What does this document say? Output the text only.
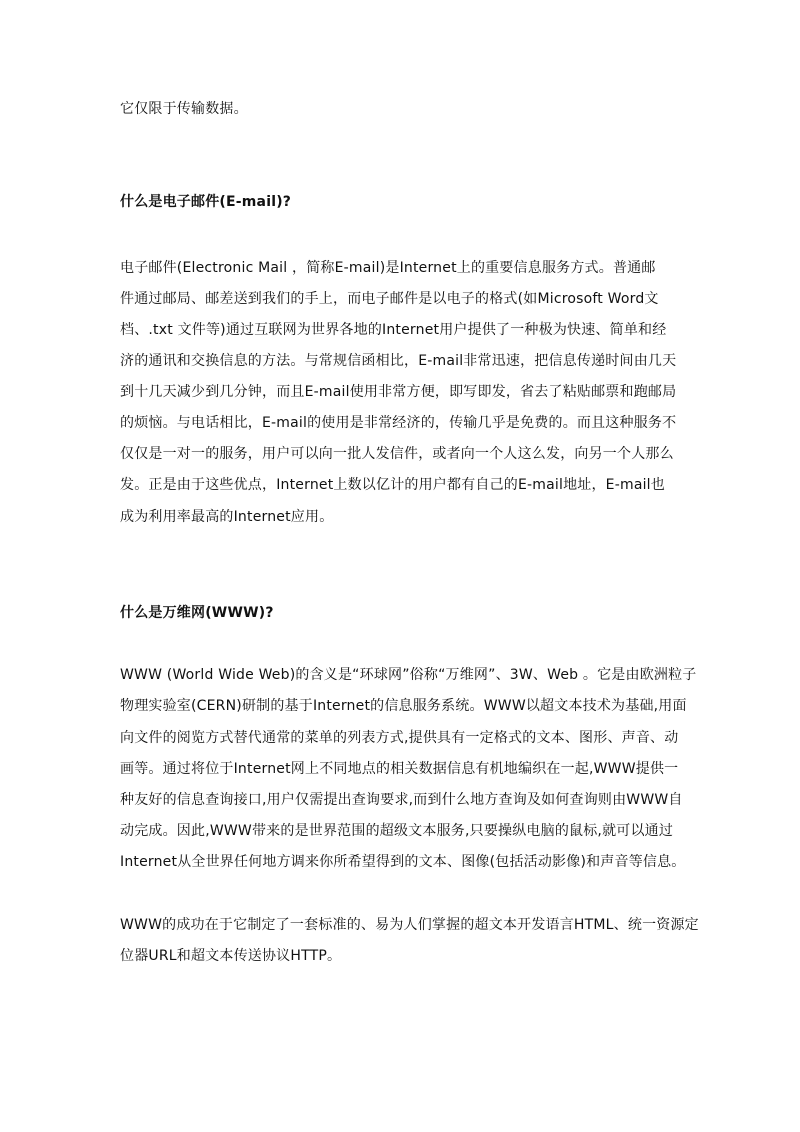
它仅限于传输数据。
什么是电子邮件(E-mail)?
电子邮件(Electronic Mail ，简称E-mail)是Internet上的重要信息服务方式。普通邮
件通过邮局、邮差送到我们的手上，而电子邮件是以电子的格式(如Microsoft Word文
档、.txt 文件等)通过互联网为世界各地的Internet用户提供了一种极为快速、简单和经
济的通讯和交换信息的方法。与常规信函相比，E-mail非常迅速，把信息传递时间由几天
到十几天减少到几分钟，而且E-mail使用非常方便，即写即发，省去了粘贴邮票和跑邮局
的烦恼。与电话相比，E-mail的使用是非常经济的，传输几乎是免费的。而且这种服务不
仅仅是一对一的服务，用户可以向一批人发信件，或者向一个人这么发，向另一个人那么
发。正是由于这些优点，Internet上数以亿计的用户都有自己的E-mail地址，E-mail也
成为利用率最高的Internet应用。
什么是万维网(WWW)?
WWW (World Wide Web)的含义是“环球网”俗称“万维网”、3W、Web 。它是由欧洲粒子
物理实验室(CERN)研制的基于Internet的信息服务系统。WWW以超文本技术为基础,用面
向文件的阅览方式替代通常的菜单的列表方式,提供具有一定格式的文本、图形、声音、动
画等。通过将位于Internet网上不同地点的相关数据信息有机地编织在一起,WWW提供一
种友好的信息查询接口,用户仅需提出查询要求,而到什么地方查询及如何查询则由WWW自
动完成。因此,WWW带来的是世界范围的超级文本服务,只要操纵电脑的鼠标,就可以通过
Internet从全世界任何地方调来你所希望得到的文本、图像(包括活动影像)和声音等信息。
WWW的成功在于它制定了一套标准的、易为人们掌握的超文本开发语言HTML、统一资源定
位器URL和超文本传送协议HTTP。
